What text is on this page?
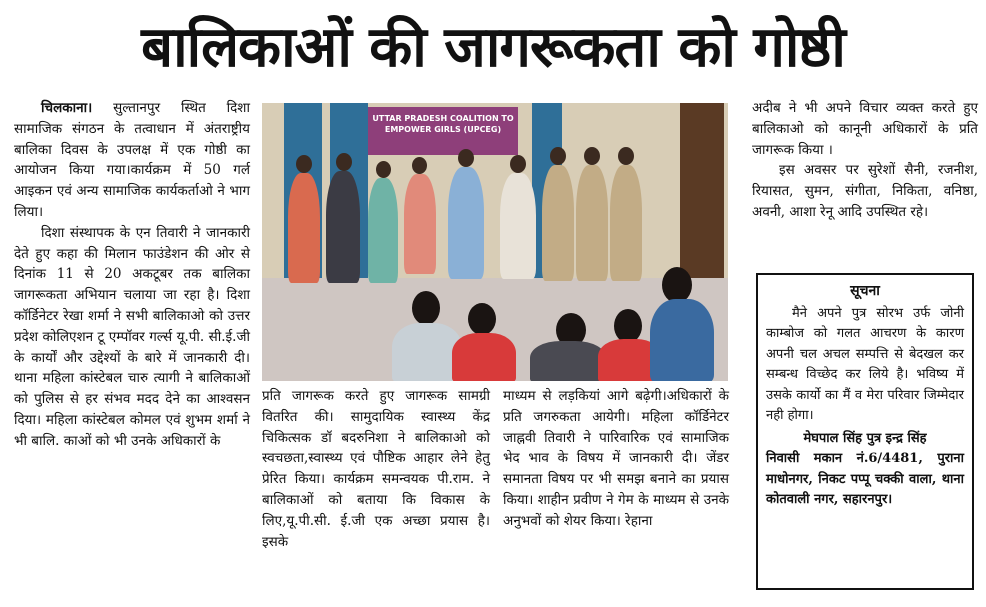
बालिकाओं की जागरूकता को गोष्ठी

चिलकाना। सुल्तानपुर स्थित दिशा सामाजिक संगठन के तत्वाधान में अंतराष्ट्रीय बालिका दिवस के उपलक्ष में एक गोष्ठी का आयोजन किया गया।कार्यक्रम में 50 गर्ल आइकन एवं अन्य सामाजिक कार्यकर्ताओ ने भाग लिया।

दिशा संस्थापक के एन तिवारी ने जानकारी देते हुए कहा की मिलान फाउंडेशन की ओर से दिनांक 11 से 20 अकटूबर तक बालिका जागरूकता अभियान चलाया जा रहा है। दिशा कॉर्डिनेटर रेखा शर्मा ने सभी बालिकाओ को उत्तर प्रदेश कोलिएशन टू एम्पॉवर गर्ल्स यू.पी. सी.ई.जी के कार्यों और उद्देश्यों के बारे में जानकारी दी। थाना महिला कांस्टेबल चारु त्यागी ने बालिकाओं को पुलिस से हर संभव मदद देने का आश्वसन दिया। महिला कांस्टेबल कोमल एवं शुभम शर्मा ने भी बालि. काओं को भी उनके अधिकारों के

UTTAR PRADESH COALITION TO EMPOWER GIRLS (UPCEG)
प्रति जागरूक करते हुए जागरूक सामग्री वितरित की। सामुदायिक स्वास्थ्य केंद्र चिकित्सक डॉ बदरुनिशा ने बालिकाओ को स्वचछता,स्वास्थ्य एवं पौष्टिक आहार लेने हेतु प्रेरित किया। कार्यक्रम समन्वयक पी.राम. ने बालिकाओं को बताया कि विकास के लिए,यू.पी.सी. ई.जी एक अच्छा प्रयास है। इसके
माध्यम से लड़कियां आगे बढ़ेगी।अधिकारों के प्रति जगरुकता आयेगी। महिला कॉर्डिनेटर जाह्नवी तिवारी ने पारिवारिक एवं सामाजिक भेद भाव के विषय में जानकारी दी। जेंडर समानता विषय पर भी समझ बनाने का प्रयास किया। शाहीन प्रवीण ने गेम के माध्यम से उनके अनुभवों को शेयर किया। रेहाना

अदीब ने भी अपने विचार व्यक्त करते हुए बालिकाओ को कानूनी अधिकारों के प्रति जागरूक किया ।

इस अवसर पर सुरेशों सैनी, रजनीश, रियासत, सुमन, संगीता, निकिता, वनिष्ठा, अवनी, आशा रेनू आदि उपस्थित रहे।

सूचना

मैने अपने पुत्र सोरभ उर्फ जोनी काम्बोज को गलत आचरण के कारण अपनी चल अचल सम्पत्ति से बेदखल कर सम्बन्ध विच्छेद कर लिये है। भविष्य में उसके कार्यो का मैं व मेरा परिवार जिम्मेदार नही होगा।

मेघपाल सिंह पुत्र इन्द्र सिंह

निवासी मकान नं.6/4481, पुराना माधोनगर, निकट पप्पू चक्की वाला, थाना कोतवाली नगर, सहारनपुर।
